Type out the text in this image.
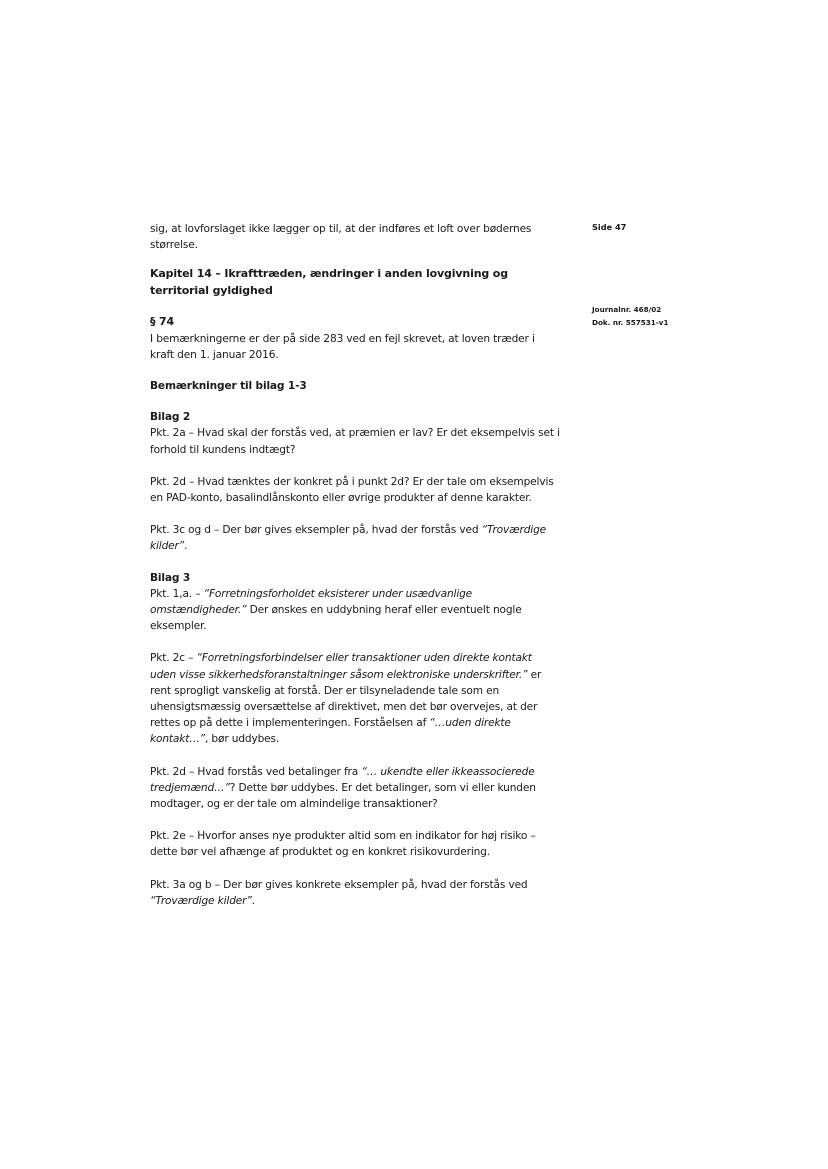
Side 47
Journalnr. 468/02
Dok. nr. 557531-v1

sig, at lovforslaget ikke lægger op til, at der indføres et loft over bødernes størrelse.

Kapitel 14 – Ikrafttræden, ændringer i anden lovgivning og territorial gyldighed

§ 74

I bemærkningerne er der på side 283 ved en fejl skrevet, at loven træder i kraft den 1. januar 2016.

Bemærkninger til bilag 1-3

Bilag 2

Pkt. 2a – Hvad skal der forstås ved, at præmien er lav? Er det eksempelvis set i forhold til kundens indtægt?

Pkt. 2d – Hvad tænktes der konkret på i punkt 2d? Er der tale om eksempelvis en PAD-konto, basalindlånskonto eller øvrige produkter af denne karakter.

Pkt. 3c og d – Der bør gives eksempler på, hvad der forstås ved “Troværdige kilder”.

Bilag 3

Pkt. 1,a. – “Forretningsforholdet eksisterer under usædvanlige omstændigheder.” Der ønskes en uddybning heraf eller eventuelt nogle eksempler.

Pkt. 2c – “Forretningsforbindelser eller transaktioner uden direkte kontakt uden visse sikkerhedsforanstaltninger såsom elektroniske underskrifter.” er rent sprogligt vanskelig at forstå. Der er tilsyneladende tale som en uhensigtsmæssig oversættelse af direktivet, men det bør overvejes, at der rettes op på dette i implementeringen. Forståelsen af “…uden direkte kontakt…”, bør uddybes.

Pkt. 2d – Hvad forstås ved betalinger fra “… ukendte eller ikkeassocierede tredjemænd…”? Dette bør uddybes. Er det betalinger, som vi eller kunden modtager, og er der tale om almindelige transaktioner?

Pkt. 2e – Hvorfor anses nye produkter altid som en indikator for høj risiko – dette bør vel afhænge af produktet og en konkret risikovurdering.

Pkt. 3a og b – Der bør gives konkrete eksempler på, hvad der forstås ved “Troværdige kilder”.
